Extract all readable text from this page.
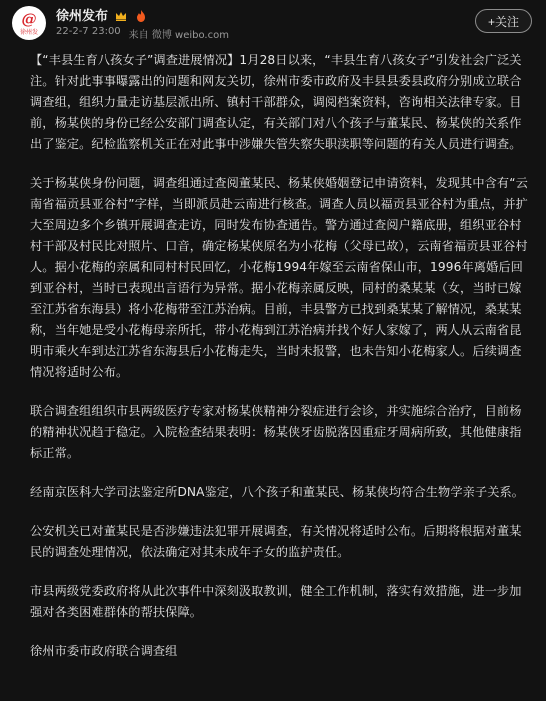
@
徐州发
徐州发布
22-2-7 23:00 来自 微博 weibo.com
+关注

【“丰县生育八孩女子”调查进展情况】1月28日以来，“丰县生育八孩女子”引发社会广泛关注。针对此事事曝露出的问题和网友关切，徐州市委市政府及丰县县委县政府分别成立联合调查组，组织力量走访基层派出所、镇村干部群众，调阅档案资料，咨询相关法律专家。目前，杨某侠的身份已经公安部门调查认定，有关部门对八个孩子与董某民、杨某侠的关系作出了鉴定。纪检监察机关正在对此事中涉嫌失管失察失职渎职等问题的有关人员进行调查。

关于杨某侠身份问题，调查组通过查阅董某民、杨某侠婚姻登记申请资料，发现其中含有“云南省福贡县亚谷村”字样，当即派员赴云南进行核查。调查人员以福贡县亚谷村为重点，并扩大至周边多个乡镇开展调查走访，同时发布协查通告。警方通过查阅户籍底册，组织亚谷村村干部及村民比对照片、口音，确定杨某侠原名为小花梅（父母已故），云南省福贡县亚谷村人。据小花梅的亲属和同村村民回忆，小花梅1994年嫁至云南省保山市，1996年离婚后回到亚谷村，当时已表现出言语行为异常。据小花梅亲属反映，同村的桑某某（女，当时已嫁至江苏省东海县）将小花梅带至江苏治病。目前，丰县警方已找到桑某某了解情况，桑某某称，当年她是受小花梅母亲所托，带小花梅到江苏治病并找个好人家嫁了，两人从云南省昆明市乘火车到达江苏省东海县后小花梅走失，当时未报警，也未告知小花梅家人。后续调查情况将适时公布。

联合调查组组织市县两级医疗专家对杨某侠精神分裂症进行会诊，并实施综合治疗，目前杨的精神状况趋于稳定。入院检查结果表明：杨某侠牙齿脱落因重症牙周病所致，其他健康指标正常。

经南京医科大学司法鉴定所DNA鉴定，八个孩子和董某民、杨某侠均符合生物学亲子关系。

公安机关已对董某民是否涉嫌违法犯罪开展调查，有关情况将适时公布。后期将根据对董某民的调查处理情况，依法确定对其未成年子女的监护责任。

市县两级党委政府将从此次事件中深刻汲取教训，健全工作机制，落实有效措施，进一步加强对各类困难群体的帮扶保障。

徐州市委市政府联合调查组
